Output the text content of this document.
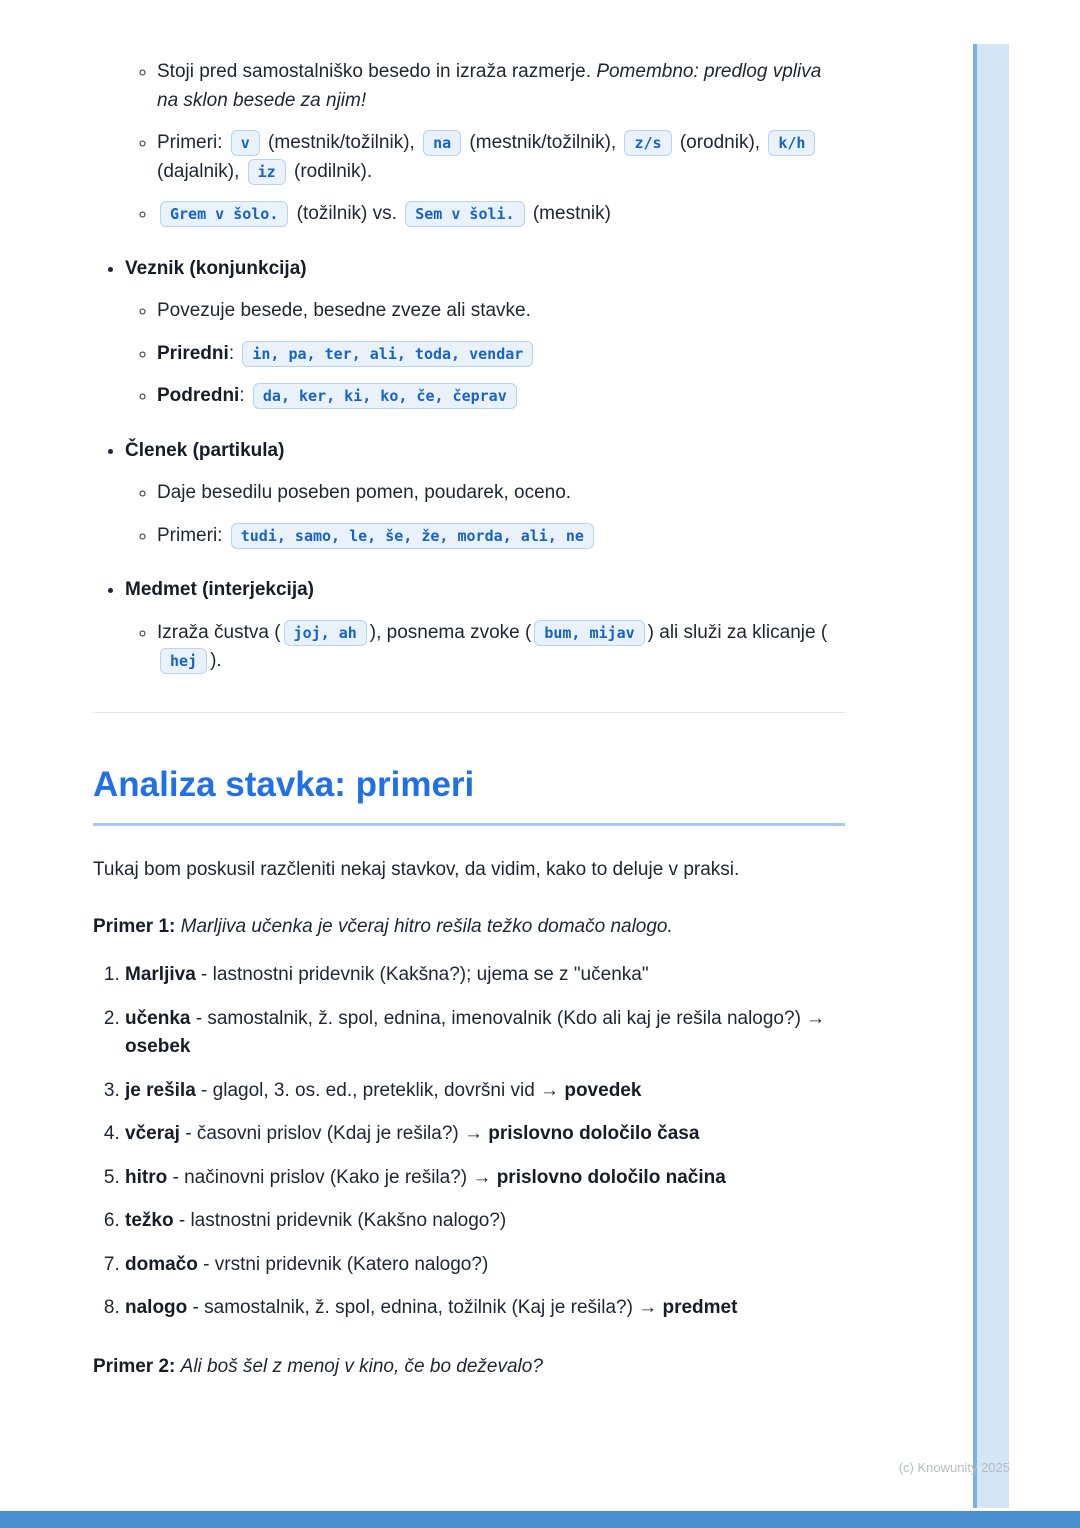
◦ Stoji pred samostalniško besedo in izraža razmerje. Pomembno: predlog vpliva na sklon besede za njim!
◦ Primeri: v (mestnik/tožilnik), na (mestnik/tožilnik), z/s (orodnik), k/h (dajalnik), iz (rodilnik).
◦ Grem v šolo. (tožilnik) vs. Sem v šoli. (mestnik)
• Veznik (konjunkcija)
◦ Povezuje besede, besedne zveze ali stavke.
◦ Priredni: in, pa, ter, ali, toda, vendar
◦ Podredni: da, ker, ki, ko, če, čeprav
• Členek (partikula)
◦ Daje besedilu poseben pomen, poudarek, oceno.
◦ Primeri: tudi, samo, le, še, že, morda, ali, ne
• Medmet (interjekcija)
◦ Izraža čustva ( joj, ah ), posnema zvoke ( bum, mijav ) ali služi za klicanje (hej ).
Analiza stavka: primeri

Tukaj bom poskusil razčleniti nekaj stavkov, da vidim, kako to deluje v praksi.

Primer 1: Marljiva učenka je včeraj hitro rešila težko domačo nalogo.

1. Marljiva - lastnostni pridevnik (Kakšna?); ujema se z "učenka"
2. učenka - samostalnik, ž. spol, ednina, imenovalnik (Kdo ali kaj je rešila nalogo?) → osebek
3. je rešila - glagol, 3. os. ed., preteklik, dovršni vid → povedek
4. včeraj - časovni prislov (Kdaj je rešila?) → prislovno določilo časa
5. hitro - načinovni prislov (Kako je rešila?) → prislovno določilo načina
6. težko - lastnostni pridevnik (Kakšno nalogo?)
7. domačo - vrstni pridevnik (Katero nalogo?)
8. nalogo - samostalnik, ž. spol, ednina, tožilnik (Kaj je rešila?) → predmet

Primer 2: Ali boš šel z menoj v kino, če bo deževalo?

(c) Knowunity 2025
